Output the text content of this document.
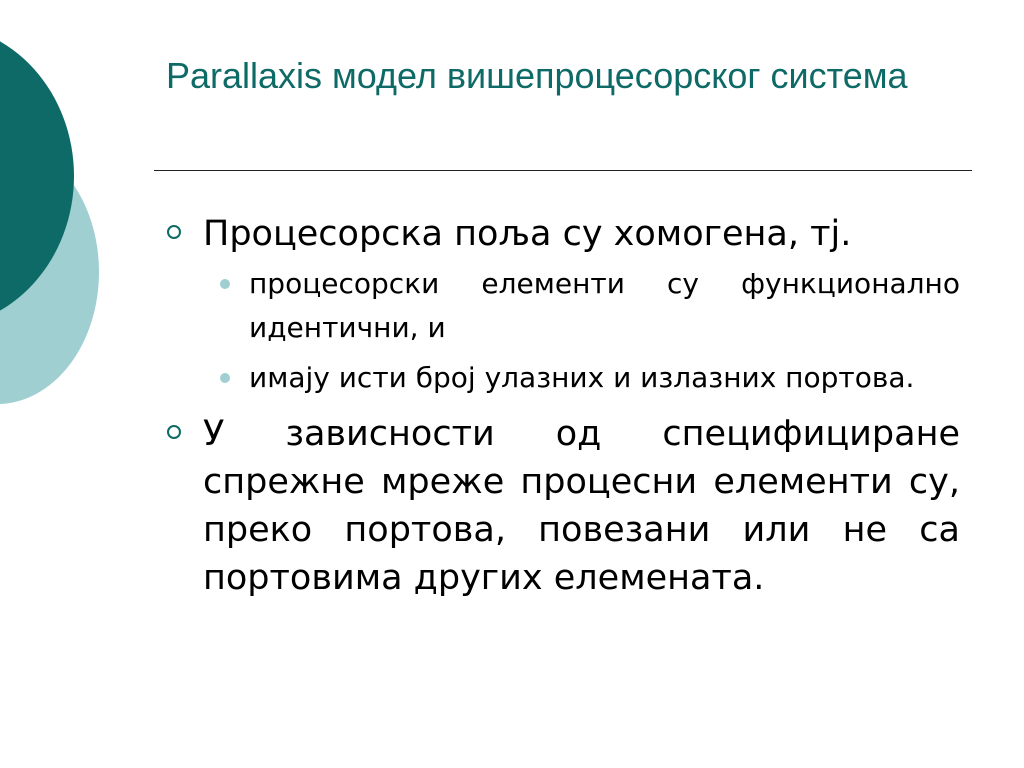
Parallaxis модел вишепроцесорског система

Процесорска поља су хомогена, тј.

процесорски елементи су функционално идентични, и
имају исти број улазних и излазних портова.

У зависности од специфициране спрежне мреже процесни елементи су, преко портова, повезани или не са портовима других елемената.
